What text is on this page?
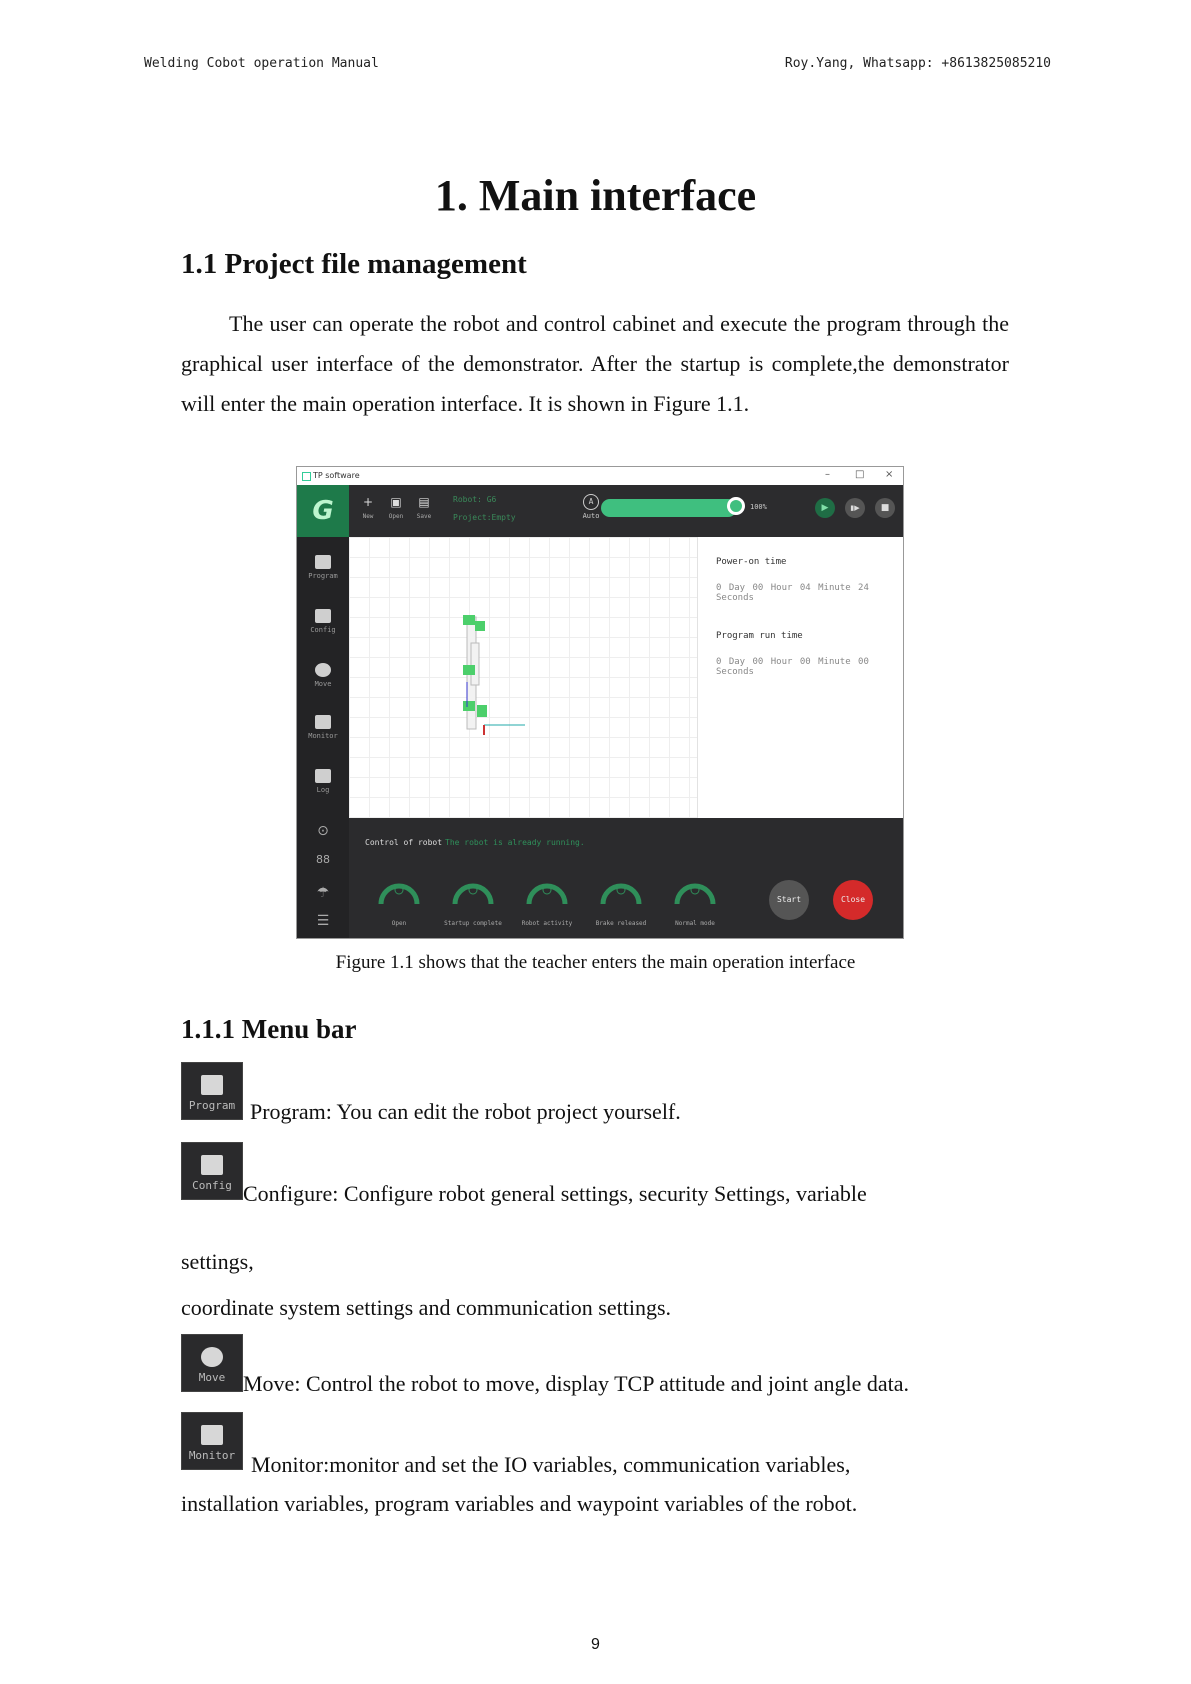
Welding Cobot operation Manual	Roy.Yang, Whatsapp: +8613825085210
1. Main interface
1.1 Project file management
The user can operate the robot and control cabinet and execute the program through the graphical user interface of the demonstrator. After the startup is complete,the demonstrator will enter the main operation interface. It is shown in Figure 1.1.
TP software	–	□ ×
G
Program
Config
Move
Monitor
Log
⊙
88
☂
☰
+
New
▣
Open
▤
Save
Robot: G6
Project:Empty
A
Auto
100%	▶	▮▶	■
Power-on time
0 Day 00 Hour 04 Minute 24 Seconds
Program run time
0 Day 00 Hour 00 Minute 00 Seconds
Control of robot The robot is already running.
Open	Startup complete	Robot activity	Brake released	Normal mode
Start	Close
Figure 1.1 shows that the teacher enters the main operation interface
1.1.1 Menu bar
Program Program: You can edit the robot project yourself.
Config Configure: Configure robot general settings, security Settings, variable
settings,
coordinate system settings and communication settings.
Move Move: Control the robot to move, display TCP attitude and joint angle data.
Monitor Monitor:monitor and set the IO variables, communication variables,
installation variables, program variables and waypoint variables of the robot.
9
